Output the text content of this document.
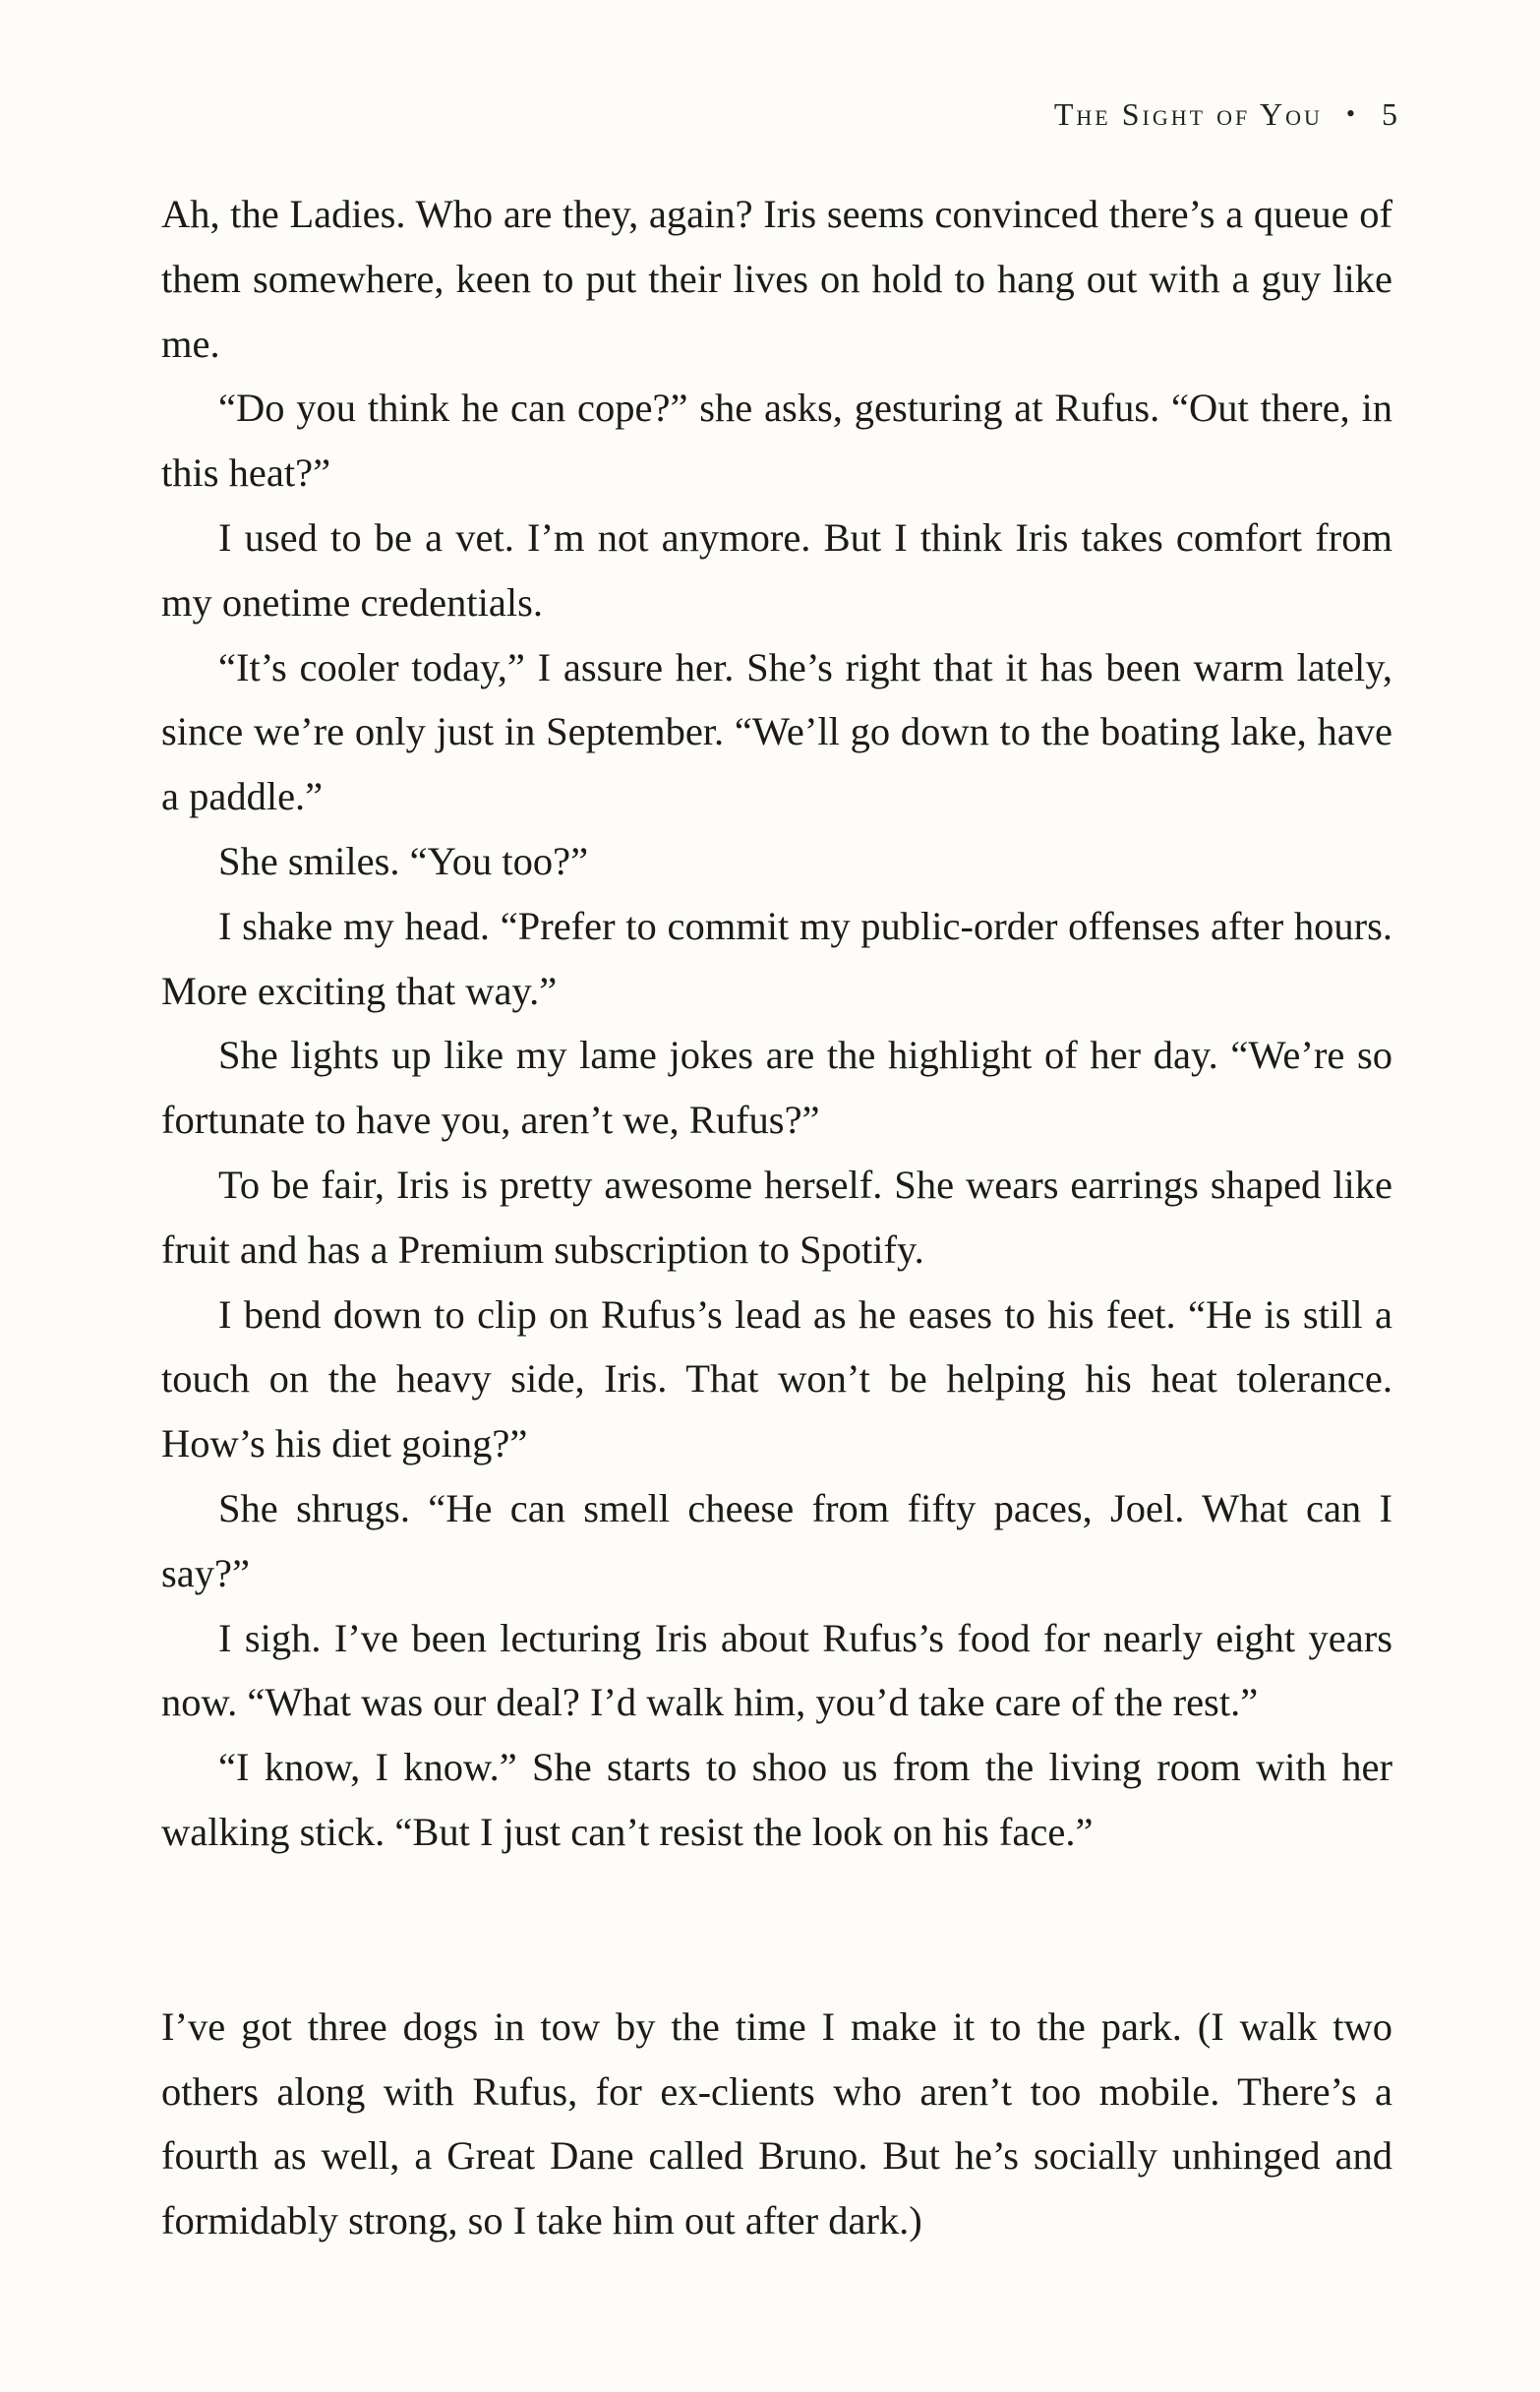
The Sight of You • 5

Ah, the Ladies. Who are they, again? Iris seems convinced there’s a queue of them somewhere, keen to put their lives on hold to hang out with a guy like me.

“Do you think he can cope?” she asks, gesturing at Rufus. “Out there, in this heat?”

I used to be a vet. I’m not anymore. But I think Iris takes comfort from my onetime credentials.

“It’s cooler today,” I assure her. She’s right that it has been warm lately, since we’re only just in September. “We’ll go down to the boating lake, have a paddle.”

She smiles. “You too?”

I shake my head. “Prefer to commit my public-order offenses after hours. More exciting that way.”

She lights up like my lame jokes are the highlight of her day. “We’re so fortunate to have you, aren’t we, Rufus?”

To be fair, Iris is pretty awesome herself. She wears earrings shaped like fruit and has a Premium subscription to Spotify.

I bend down to clip on Rufus’s lead as he eases to his feet. “He is still a touch on the heavy side, Iris. That won’t be helping his heat tolerance. How’s his diet going?”

She shrugs. “He can smell cheese from fifty paces, Joel. What can I say?”

I sigh. I’ve been lecturing Iris about Rufus’s food for nearly eight years now. “What was our deal? I’d walk him, you’d take care of the rest.”

“I know, I know.” She starts to shoo us from the living room with her walking stick. “But I just can’t resist the look on his face.”

I’ve got three dogs in tow by the time I make it to the park. (I walk two others along with Rufus, for ex-clients who aren’t too mobile. There’s a fourth as well, a Great Dane called Bruno. But he’s socially unhinged and formidably strong, so I take him out after dark.)
